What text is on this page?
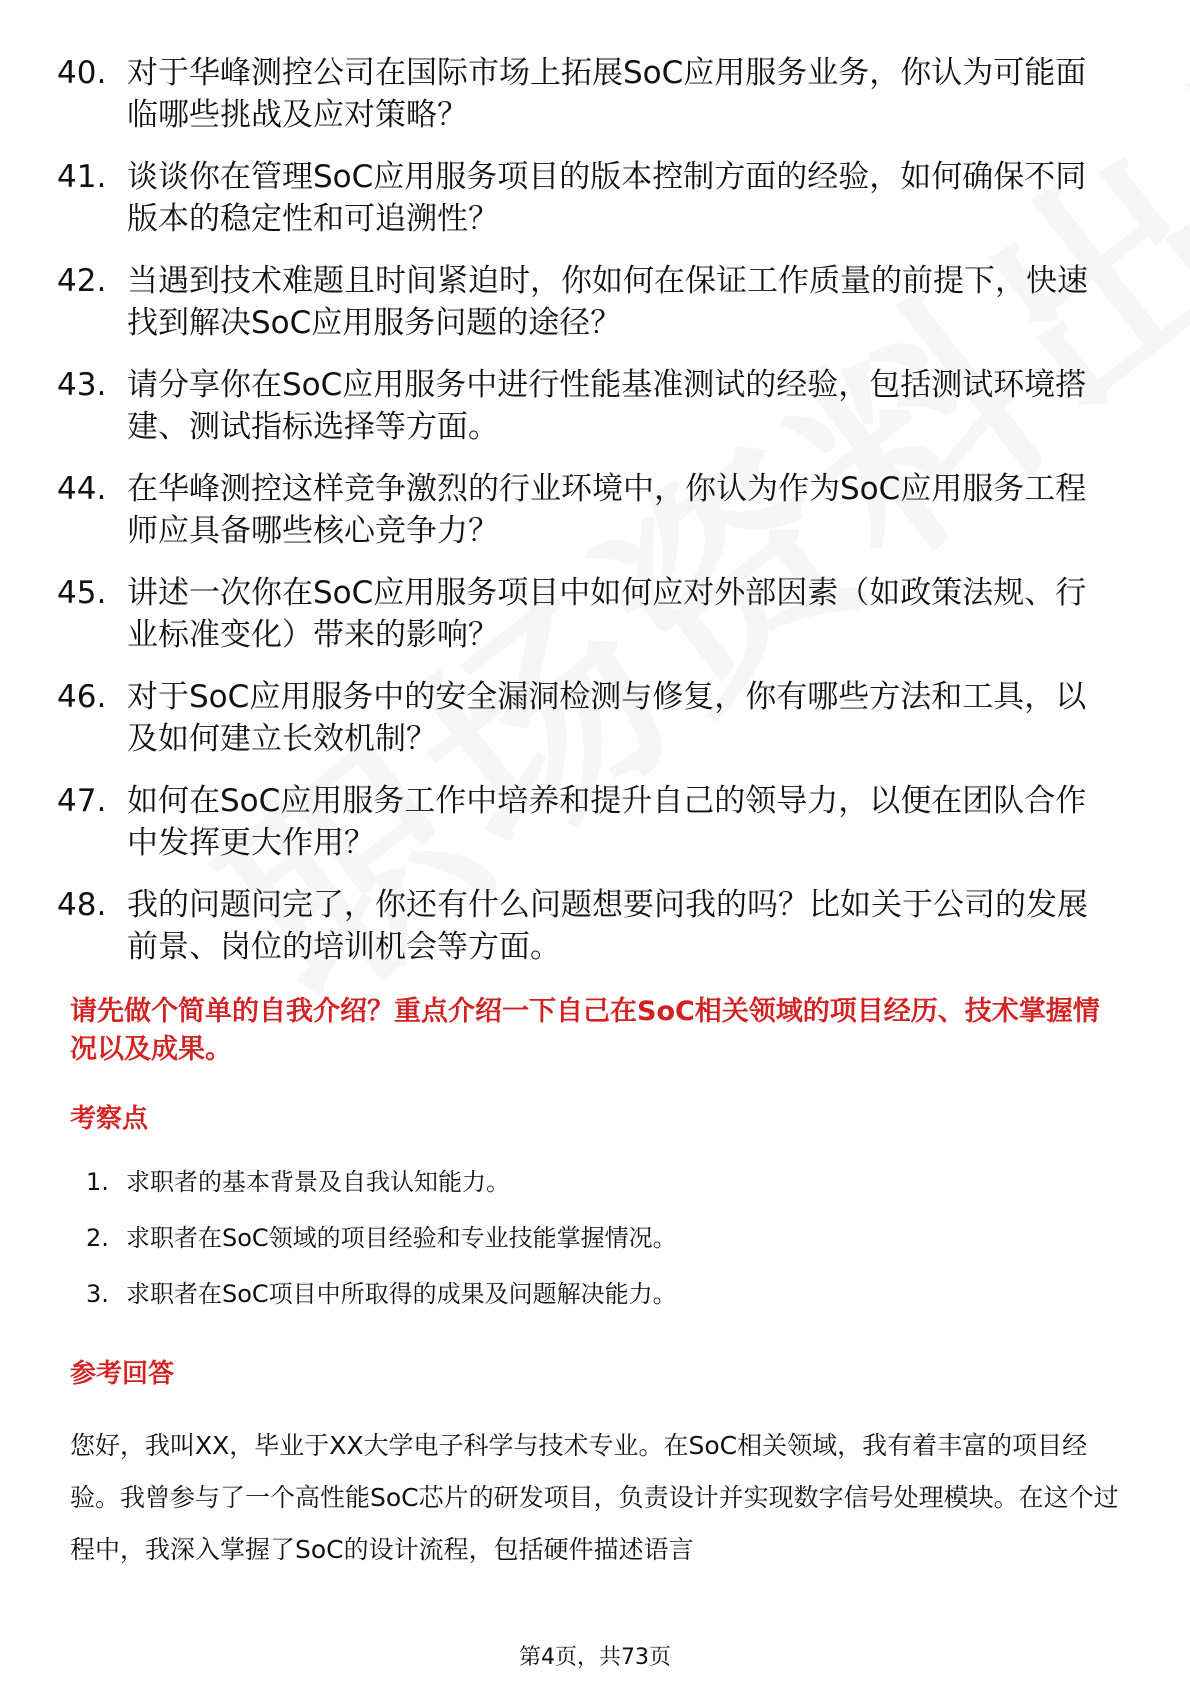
40. 对于华峰测控公司在国际市场上拓展SoC应用服务业务，你认为可能面临哪些挑战及应对策略？
41. 谈谈你在管理SoC应用服务项目的版本控制方面的经验，如何确保不同版本的稳定性和可追溯性？
42. 当遇到技术难题且时间紧迫时，你如何在保证工作质量的前提下，快速找到解决SoC应用服务问题的途径？
43. 请分享你在SoC应用服务中进行性能基准测试的经验，包括测试环境搭建、测试指标选择等方面。
44. 在华峰测控这样竞争激烈的行业环境中，你认为作为SoC应用服务工程师应具备哪些核心竞争力？
45. 讲述一次你在SoC应用服务项目中如何应对外部因素（如政策法规、行业标准变化）带来的影响？
46. 对于SoC应用服务中的安全漏洞检测与修复，你有哪些方法和工具，以及如何建立长效机制？
47. 如何在SoC应用服务工作中培养和提升自己的领导力，以便在团队合作中发挥更大作用？
48. 我的问题问完了，你还有什么问题想要问我的吗？比如关于公司的发展前景、岗位的培训机会等方面。
请先做个简单的自我介绍？重点介绍一下自己在SoC相关领域的项目经历、技术掌握情况以及成果。
考察点
1. 求职者的基本背景及自我认知能力。
2. 求职者在SoC领域的项目经验和专业技能掌握情况。
3. 求职者在SoC项目中所取得的成果及问题解决能力。
参考回答
您好，我叫XX，毕业于XX大学电子科学与技术专业。在SoC相关领域，我有着丰富的项目经验。我曾参与了一个高性能SoC芯片的研发项目，负责设计并实现数字信号处理模块。在这个过程中，我深入掌握了SoC的设计流程，包括硬件描述语言
第4页，共73页
